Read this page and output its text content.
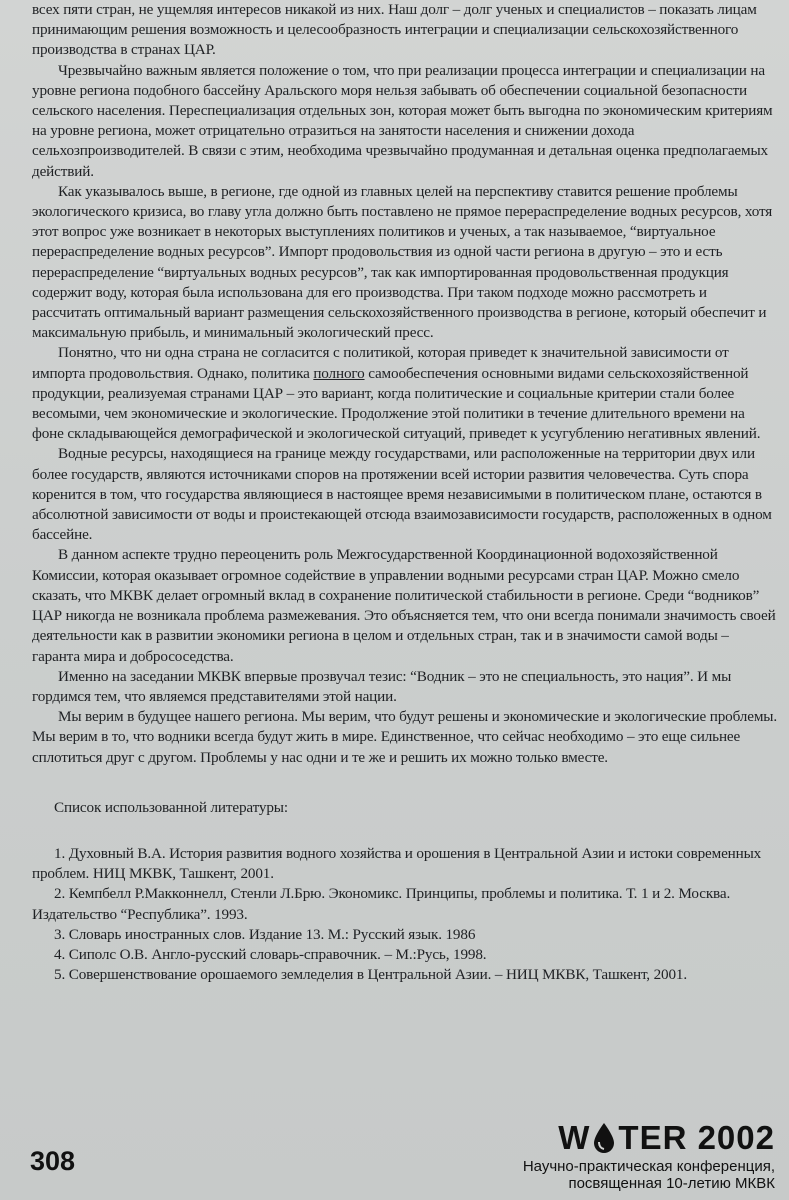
всех пяти стран, не ущемляя интересов никакой из них. Наш долг – долг ученых и специалистов – показать лицам принимающим решения возможность и целесообразность интеграции и специализации сельскохозяйственного производства в странах ЦАР.

Чрезвычайно важным является положение о том, что при реализации процесса интеграции и специализации на уровне региона подобного бассейну Аральского моря нельзя забывать об обеспечении социальной безопасности сельского населения. Переспециализация отдельных зон, которая может быть выгодна по экономическим критериям на уровне региона, может отрицательно отразиться на занятости населения и снижении дохода сельхозпроизводителей. В связи с этим, необходима чрезвычайно продуманная и детальная оценка предполагаемых действий.

Как указывалось выше, в регионе, где одной из главных целей на перспективу ставится решение проблемы экологического кризиса, во главу угла должно быть поставлено не прямое перераспределение водных ресурсов, хотя этот вопрос уже возникает в некоторых выступлениях политиков и ученых, а так называемое, “виртуальное перераспределение водных ресурсов”. Импорт продовольствия из одной части региона в другую – это и есть перераспределение “виртуальных водных ресурсов”, так как импортированная продовольственная продукция содержит воду, которая была использована для его производства. При таком подходе можно рассмотреть и рассчитать оптимальный вариант размещения сельскохозяйственного производства в регионе, который обеспечит и максимальную прибыль, и минимальный экологический пресс.

Понятно, что ни одна страна не согласится с политикой, которая приведет к значительной зависимости от импорта продовольствия. Однако, политика полного самообеспечения основными видами сельскохозяйственной продукции, реализуемая странами ЦАР – это вариант, когда политические и социальные критерии стали более весомыми, чем экономические и экологические. Продолжение этой политики в течение длительного времени на фоне складывающейся демографической и экологической ситуаций, приведет к усугублению негативных явлений.

Водные ресурсы, находящиеся на границе между государствами, или расположенные на территории двух или более государств, являются источниками споров на протяжении всей истории развития человечества. Суть спора коренится в том, что государства являющиеся в настоящее время независимыми в политическом плане, остаются в абсолютной зависимости от воды и проистекающей отсюда взаимозависимости государств, расположенных в одном бассейне.

В данном аспекте трудно переоценить роль Межгосударственной Координационной водохозяйственной Комиссии, которая оказывает огромное содействие в управлении водными ресурсами стран ЦАР. Можно смело сказать, что МКВК делает огромный вклад в сохранение политической стабильности в регионе. Среди “водников” ЦАР никогда не возникала проблема размежевания. Это объясняется тем, что они всегда понимали значимость своей деятельности как в развитии экономики региона в целом и отдельных стран, так и в значимости самой воды – гаранта мира и добрососедства.

Именно на заседании МКВК впервые прозвучал тезис: “Водник – это не специальность, это нация”. И мы гордимся тем, что являемся представителями этой нации.

Мы верим в будущее нашего региона. Мы верим, что будут решены и экономические и экологические проблемы. Мы верим в то, что водники всегда будут жить в мире. Единственное, что сейчас необходимо – это еще сильнее сплотиться друг с другом. Проблемы у нас одни и те же и решить их можно только вместе.

Список использованной литературы:

1. Духовный В.А. История развития водного хозяйства и орошения в Центральной Азии и истоки современных проблем. НИЦ МКВК, Ташкент, 2001.
2. Кемпбелл Р.Макконнелл, Стенли Л.Брю. Экономикс. Принципы, проблемы и политика. Т. 1 и 2. Москва. Издательство “Республика”. 1993.
3. Словарь иностранных слов. Издание 13. М.: Русский язык. 1986
4. Сиполс О.В. Англо-русский словарь-справочник. – М.:Русь, 1998.
5. Совершенствование орошаемого земледелия в Центральной Азии. – НИЦ МКВК, Ташкент, 2001.
308
W TER 2002
Научно-практическая конференция,
посвященная 10-летию МКВК
